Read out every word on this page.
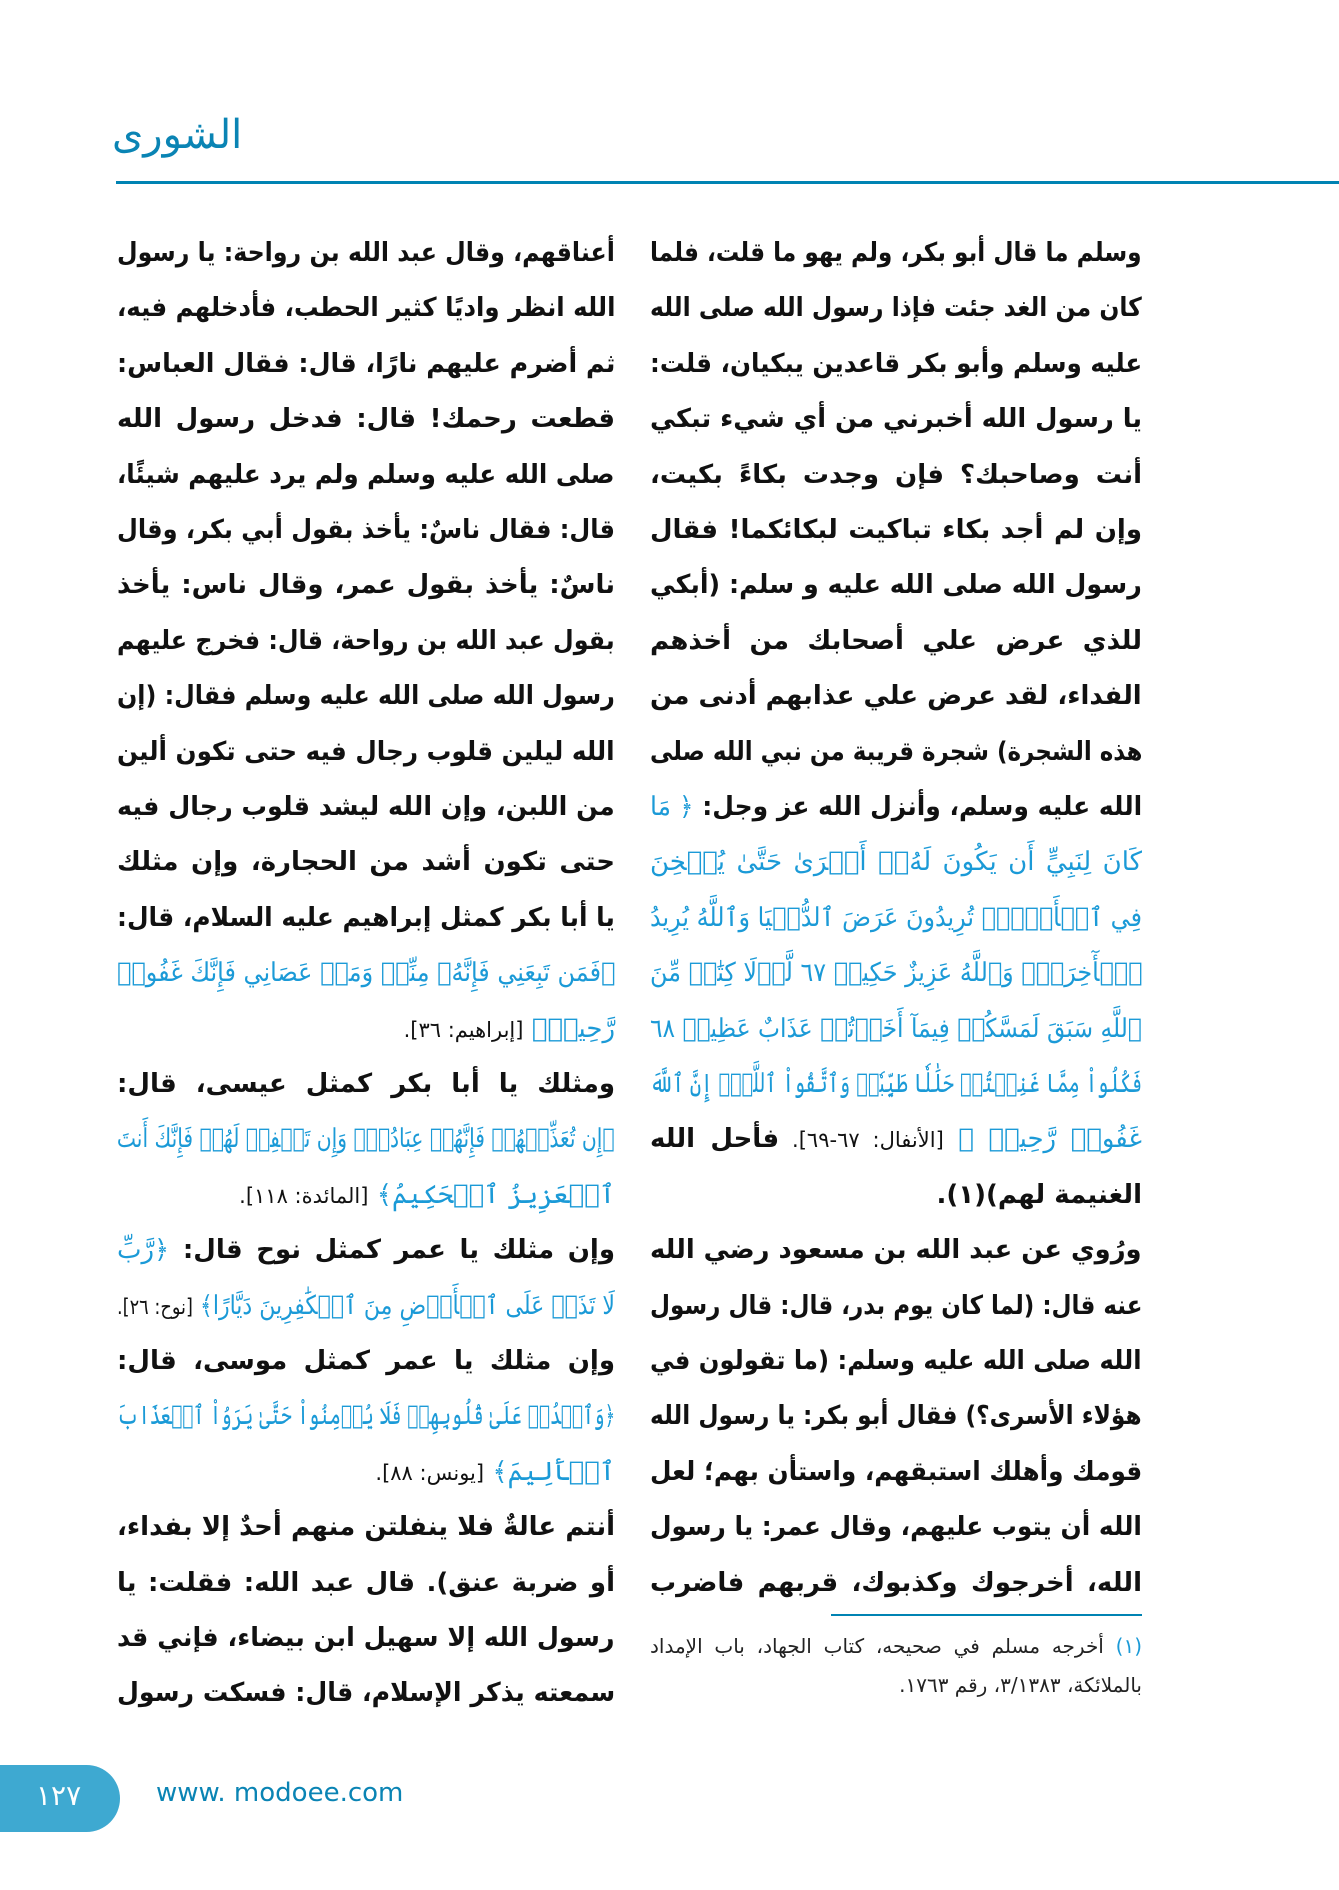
الشورى
وسلم ما قال أبو بكر، ولم يهو ما قلت، فلما
كان من الغد جئت فإذا رسول الله صلى الله
عليه وسلم وأبو بكر قاعدين يبكيان، قلت:
يا رسول الله أخبرني من أي شيء تبكي
أنت وصاحبك؟ فإن وجدت بكاءً بكيت،
وإن لم أجد بكاء تباكيت لبكائكما! فقال
رسول الله صلى الله عليه و سلم: (أبكي
للذي عرض علي أصحابك من أخذهم
الفداء، لقد عرض علي عذابهم أدنى من
هذه الشجرة) شجرة قريبة من نبي الله صلى
الله عليه وسلم، وأنزل الله عز وجل: ﴿ مَا
كَانَ لِنَبِيٍّ أَن يَكُونَ لَهُۥٓ أَسۡرَىٰ حَتَّىٰ يُثۡخِنَ
فِي ٱلۡأَرۡضِۚ تُرِيدُونَ عَرَضَ ٱلدُّنۡيَا وَٱللَّهُ يُرِيدُ
ٱلۡأٓخِرَةَۗ وَٱللَّهُ عَزِيزٌ حَكِيمٞ ٦٧ لَّوۡلَا كِتَٰبٞ مِّنَ
ٱللَّهِ سَبَقَ لَمَسَّكُمۡ فِيمَآ أَخَذۡتُمۡ عَذَابٌ عَظِيمٞ ٦٨
فَكُلُواْ مِمَّا غَنِمۡتُمۡ حَلَٰلٗا طَيِّبٗاۚ وَٱتَّقُواْ ٱللَّهَۚ إِنَّ ٱللَّهَ
غَفُورٞ رَّحِيمٞ ﴾ [الأنفال: ٦٧-٦٩]. فأحل الله
الغنيمة لهم)(١).
ورُوي عن عبد الله بن مسعود رضي الله
عنه قال: (لما كان يوم بدر، قال: قال رسول
الله صلى الله عليه وسلم: (ما تقولون في
هؤلاء الأسرى؟) فقال أبو بكر: يا رسول الله
قومك وأهلك استبقهم، واستأن بهم؛ لعل
الله أن يتوب عليهم، وقال عمر: يا رسول
الله، أخرجوك وكذبوك، قربهم فاضرب
أعناقهم، وقال عبد الله بن رواحة: يا رسول
الله انظر واديًا كثير الحطب، فأدخلهم فيه،
ثم أضرم عليهم نارًا، قال: فقال العباس:
قطعت رحمك! قال: فدخل رسول الله
صلى الله عليه وسلم ولم يرد عليهم شيئًا،
قال: فقال ناسٌ: يأخذ بقول أبي بكر، وقال
ناسٌ: يأخذ بقول عمر، وقال ناس: يأخذ
بقول عبد الله بن رواحة، قال: فخرج عليهم
رسول الله صلى الله عليه وسلم فقال: (إن
الله ليلين قلوب رجال فيه حتى تكون ألين
من اللبن، وإن الله ليشد قلوب رجال فيه
حتى تكون أشد من الحجارة، وإن مثلك
يا أبا بكر كمثل إبراهيم عليه السلام، قال:
﴿فَمَن تَبِعَنِي فَإِنَّهُۥ مِنِّيۖ وَمَنۡ عَصَانِي فَإِنَّكَ غَفُورٞ
رَّحِيمٞ﴾ [إبراهيم: ٣٦].
ومثلك يا أبا بكر كمثل عيسى، قال:
﴿إِن تُعَذِّبۡهُمۡ فَإِنَّهُمۡ عِبَادُكَۖ وَإِن تَغۡفِرۡ لَهُمۡ فَإِنَّكَ أَنتَ
ٱلۡعَزِيزُ ٱلۡحَكِيمُ﴾ [المائدة: ١١٨].
وإن مثلك يا عمر كمثل نوح قال: ﴿رَّبِّ
لَا تَذَرۡ عَلَى ٱلۡأَرۡضِ مِنَ ٱلۡكَٰفِرِينَ دَيَّارًا﴾ [نوح: ٢٦].
وإن مثلك يا عمر كمثل موسى، قال:
﴿وَٱشۡدُدۡ عَلَىٰ قُلُوبِهِمۡ فَلَا يُؤۡمِنُواْ حَتَّىٰ يَرَوُاْ ٱلۡعَذَابَ
ٱلۡأَلِيمَ﴾ [يونس: ٨٨].
أنتم عالةٌ فلا ينفلتن منهم أحدٌ إلا بفداء،
أو ضربة عنق). قال عبد الله: فقلت: يا
رسول الله إلا سهيل ابن بيضاء، فإني قد
سمعته يذكر الإسلام، قال: فسكت رسول
(١) أخرجه مسلم في صحيحه، كتاب الجهاد، باب الإمداد بالملائكة، ٣/١٣٨٣، رقم ١٧٦٣.
١٢٧	www. modoee.com
